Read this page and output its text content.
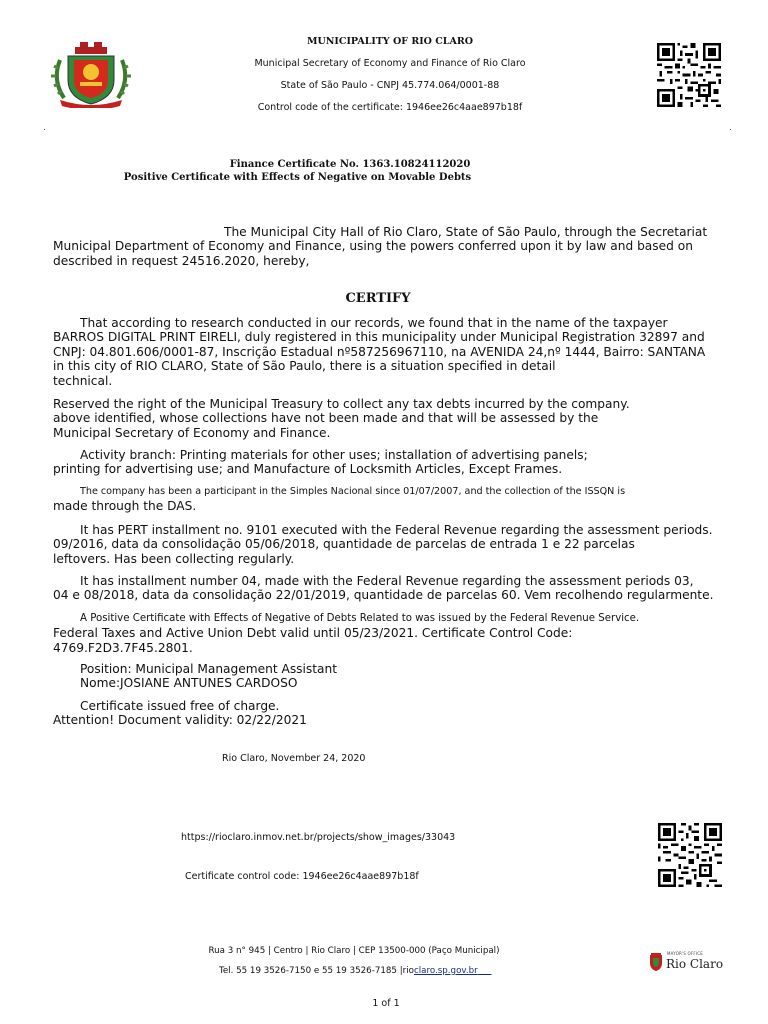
MUNICIPALITY OF RIO CLARO
Municipal Secretary of Economy and Finance of Rio Claro
State of São Paulo - CNPJ 45.774.064/0001-88
Control code of the certificate: 1946ee26c4aae897b18f
Finance Certificate No. 1363.10824112020
Positive Certificate with Effects of Negative on Movable Debts
The Municipal City Hall of Rio Claro, State of São Paulo, through the Secretariat
Municipal Department of Economy and Finance, using the powers conferred upon it by law and based on
described in request 24516.2020, hereby,
CERTIFY
That according to research conducted in our records, we found that in the name of the taxpayer
BARROS DIGITAL PRINT EIRELI, duly registered in this municipality under Municipal Registration 32897 and
CNPJ: 04.801.606/0001-87, Inscrição Estadual nº587256967110, na AVENIDA 24,nº 1444, Bairro: SANTANA
in this city of RIO CLARO, State of São Paulo, there is a situation specified in detail
technical.
Reserved the right of the Municipal Treasury to collect any tax debts incurred by the company.
above identified, whose collections have not been made and that will be assessed by the
Municipal Secretary of Economy and Finance.
Activity branch: Printing materials for other uses; installation of advertising panels;
printing for advertising use; and Manufacture of Locksmith Articles, Except Frames.
The company has been a participant in the Simples Nacional since 01/07/2007, and the collection of the ISSQN is
made through the DAS.
It has PERT installment no. 9101 executed with the Federal Revenue regarding the assessment periods.
09/2016, data da consolidação 05/06/2018, quantidade de parcelas de entrada 1 e 22 parcelas
leftovers. Has been collecting regularly.
It has installment number 04, made with the Federal Revenue regarding the assessment periods 03,
04 e 08/2018, data da consolidação 22/01/2019, quantidade de parcelas 60. Vem recolhendo regularmente.
A Positive Certificate with Effects of Negative of Debts Related to was issued by the Federal Revenue Service.
Federal Taxes and Active Union Debt valid until 05/23/2021. Certificate Control Code:
4769.F2D3.7F45.2801.
Position: Municipal Management Assistant
Nome:JOSIANE ANTUNES CARDOSO
Certificate issued free of charge.
Attention! Document validity: 02/22/2021
Rio Claro, November 24, 2020
https://rioclaro.inmov.net.br/projects/show_images/33043
Certificate control code: 1946ee26c4aae897b18f
Rua 3 n° 945 | Centro | Rio Claro | CEP 13500-000 (Paço Municipal)
Tel. 55 19 3526-7150 e 55 19 3526-7185 |rioclaro.sp.gov.br
MAYOR'S OFFICE
Rio Claro
1 of 1
